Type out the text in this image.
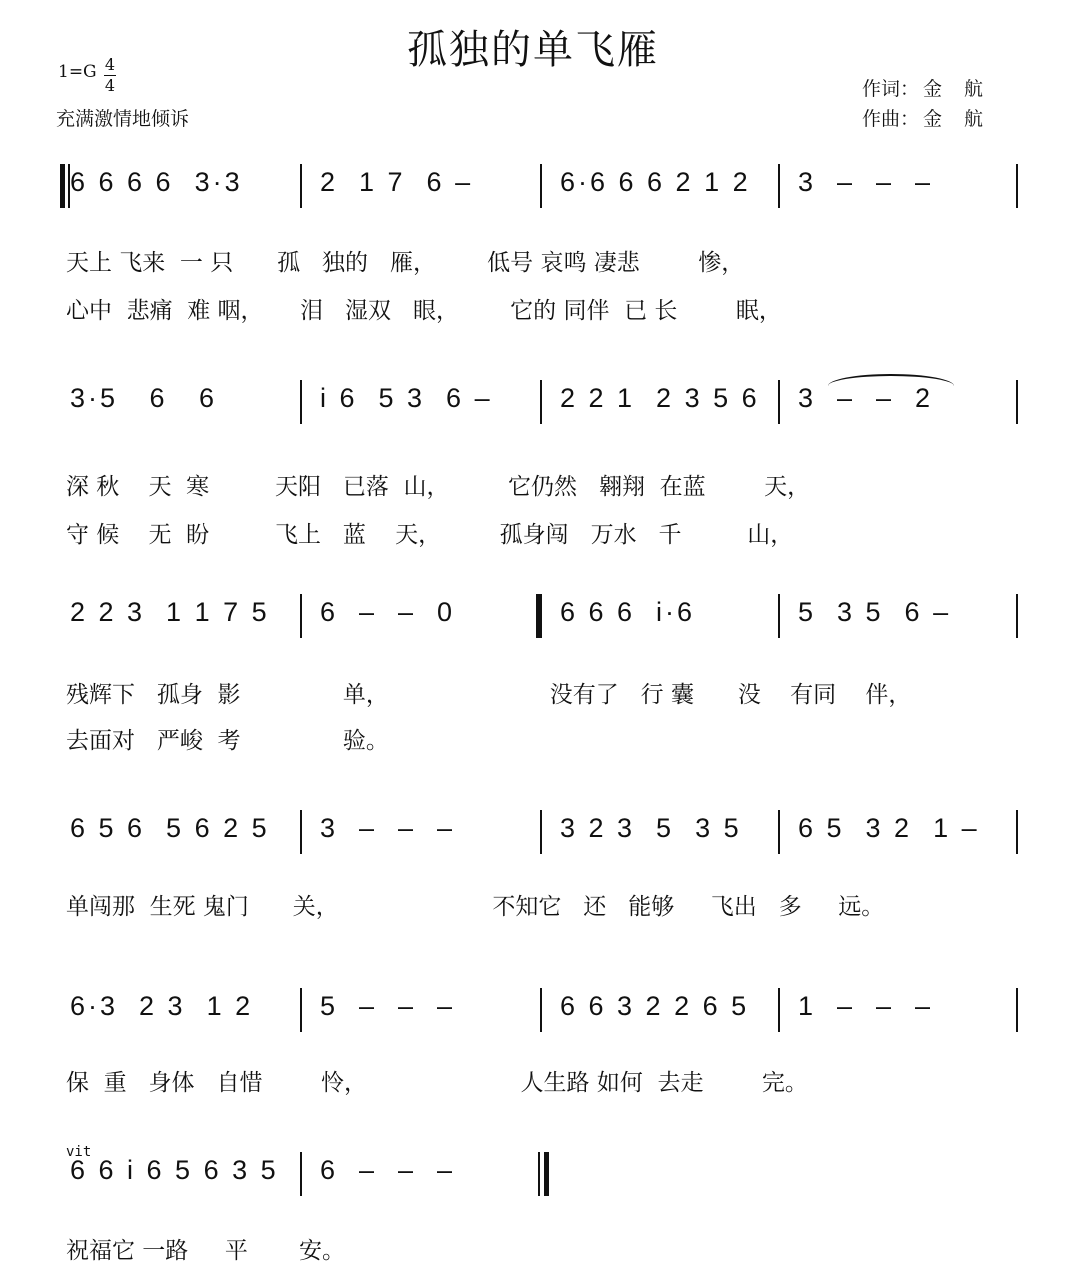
孤独的单飞雁
1=G 4
4
充满激情地倾诉
作词： 金航
作曲： 金航
6 6 6 6  3·3	2  1 7  6 –	6·6 6 6 2 1 2	3  –  –  –
天上 飞来  一 只      孤   独的   雁，       低号 哀鸣 凄悲        惨，
心中  悲痛  难 咽，     泪   湿双   眼，       它的 同伴  已 长        眠，
3·5   6   6	i 6  5 3  6 –	2 2 1  2 3 5 6 3  –  –  2
深 秋    天  寒         天阳   已落  山，        它仍然   翱翔  在蓝        天，
守 候    无  盼         飞上   蓝    天，        孤身闯   万水   千         山，
2 2 3  1 1 7 5	6  –  –  0	6 6 6  i·6	5  3 5  6 –
残辉下   孤身  影              单，                      没有了   行 囊      没    有同    伴，
去面对   严峻  考              验。
6 5 6  5 6 2 5	3  –  –  –	3 2 3  5  3 5	6 5  3 2  1 –
单闯那  生死 鬼门      关，                     不知它   还   能够     飞出   多     远。
6·3  2 3  1 2	5  –  –  –	6 6 3 2 2 6 5	1  –  –  –
保  重   身体   自惜        怜，                     人生路 如何  去走        完。
6 6 i 6 5 6 3 5 6  –  –  –
祝福它 一路     平       安。
vit
